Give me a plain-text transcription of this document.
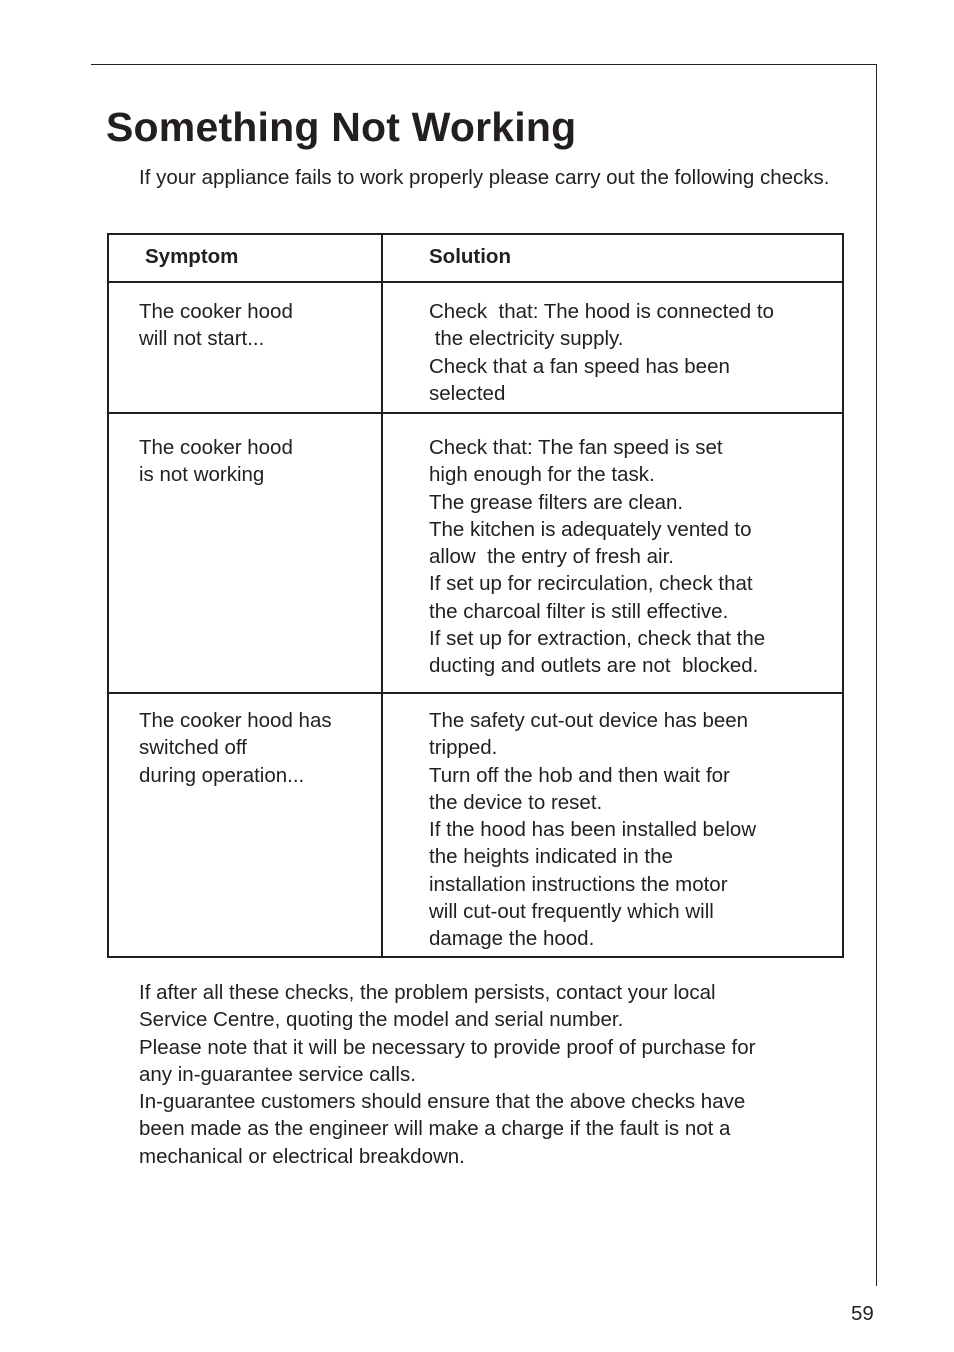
Something Not Working

If your appliance fails to work properly please carry out the following checks.

Symptom	Solution

The cooker hood
will not start...
Check  that: The hood is connected to
the electricity supply.
Check that a fan speed has been
selected
The cooker hood
is not working
Check that: The fan speed is set
high enough for the task.
The grease filters are clean.
The kitchen is adequately vented to
allow  the entry of fresh air.
If set up for recirculation, check that
the charcoal filter is still effective.
If set up for extraction, check that the
ducting and outlets are not  blocked.
The cooker hood has
switched off
during operation...
The safety cut-out device has been
tripped.
Turn off the hob and then wait for
the device to reset.
If the hood has been installed below
the heights indicated in the
installation instructions the motor
will cut-out frequently which will
damage the hood.
If after all these checks, the problem persists, contact your local
Service Centre, quoting the model and serial number.
Please note that it will be necessary to provide proof of purchase for
any in-guarantee service calls.
In-guarantee customers should ensure that the above checks have
been made as the engineer will make a charge if the fault is not a
mechanical or electrical breakdown.

59
